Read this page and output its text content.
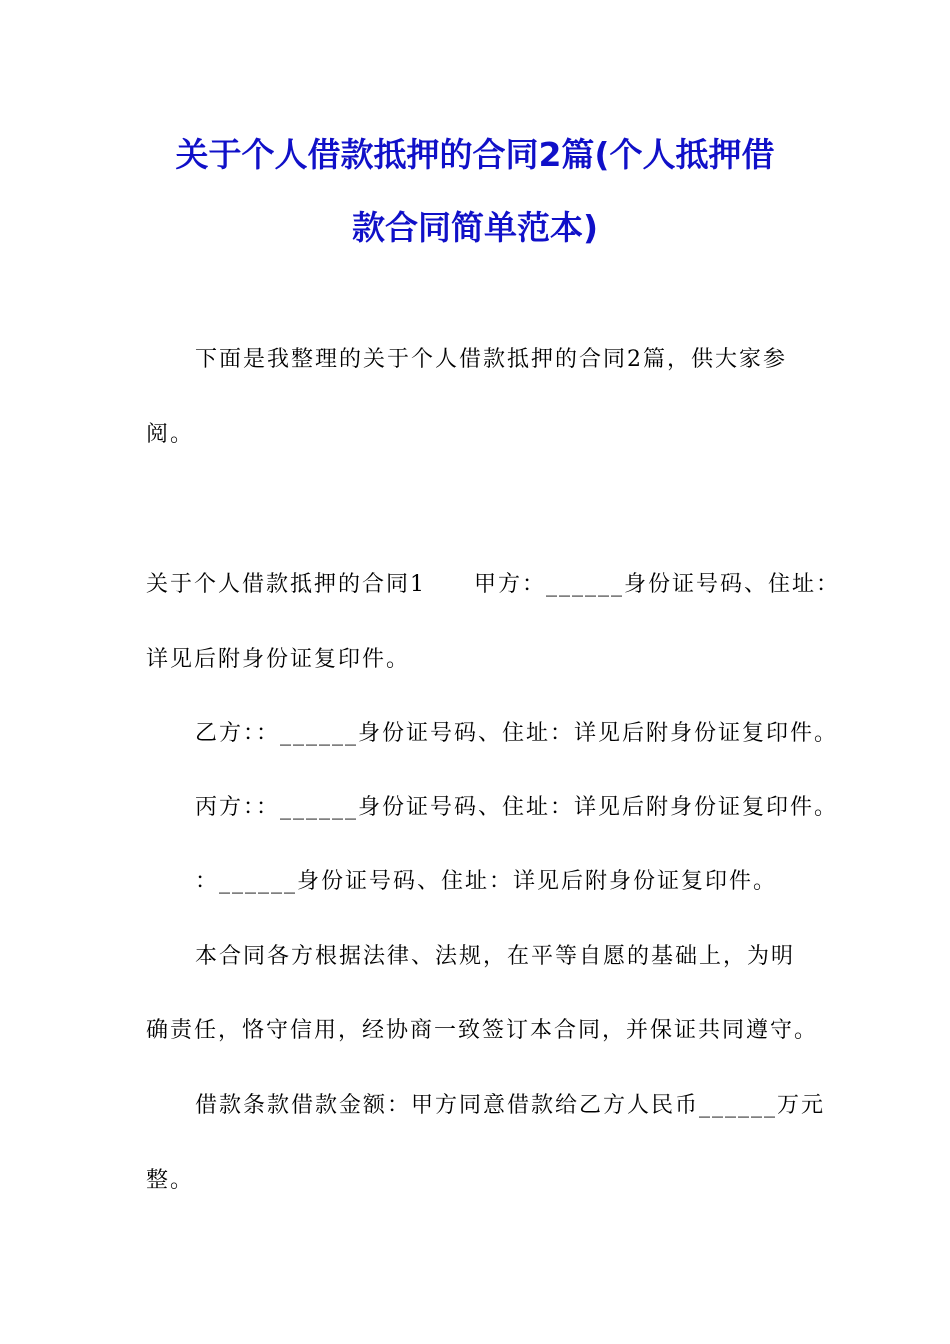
关于个人借款抵押的合同2篇(个人抵押借
款合同简单范本)
下面是我整理的关于个人借款抵押的合同2篇，供大家参
阅。
关于个人借款抵押的合同1　　甲方：______身份证号码、住址：
详见后附身份证复印件。
乙方：：______身份证号码、住址：详见后附身份证复印件。
丙方：：______身份证号码、住址：详见后附身份证复印件。
：______身份证号码、住址：详见后附身份证复印件。
本合同各方根据法律、法规，在平等自愿的基础上，为明
确责任，恪守信用，经协商一致签订本合同，并保证共同遵守。
借款条款借款金额：甲方同意借款给乙方人民币______万元
整。
